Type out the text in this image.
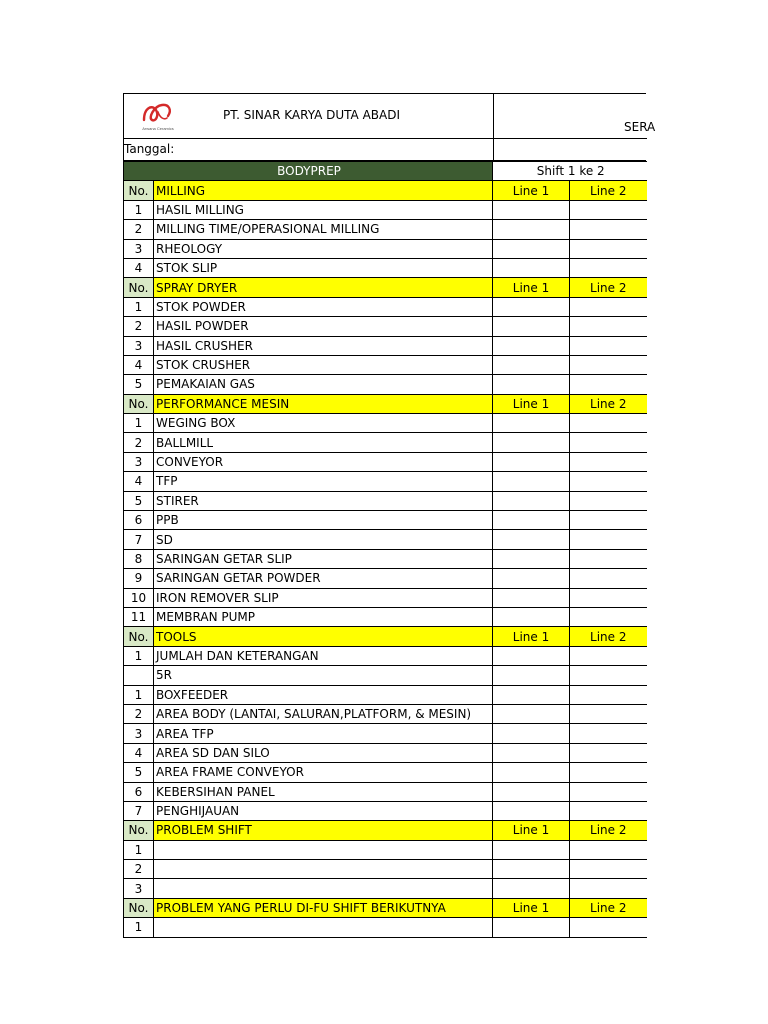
Arwana Ceramics
PT. SINAR KARYA DUTA ABADI
SERA
Tanggal:
BODYPREP		Shift 1 ke 2	
No.	MILLING	Line 1	Line 2
1	HASIL MILLING		
2	MILLING TIME/OPERASIONAL MILLING		
3	RHEOLOGY		
4	STOK SLIP		
No.	SPRAY DRYER	Line 1	Line 2
1	STOK POWDER		
2	HASIL POWDER		
3	HASIL CRUSHER		
4	STOK CRUSHER		
5	PEMAKAIAN GAS		
No.	PERFORMANCE MESIN	Line 1	Line 2
1	WEGING BOX		
2	BALLMILL		
3	CONVEYOR		
4	TFP		
5	STIRER		
6	PPB		
7	SD		
8	SARINGAN GETAR SLIP		
9	SARINGAN GETAR POWDER		
10	IRON REMOVER SLIP		
11	MEMBRAN PUMP		
No.	TOOLS	Line 1	Line 2
1	JUMLAH DAN KETERANGAN		
	5R		
1	BOXFEEDER		
2	AREA BODY (LANTAI, SALURAN,PLATFORM, & MESIN)		
3	AREA TFP		
4	AREA SD DAN SILO		
5	AREA FRAME CONVEYOR		
6	KEBERSIHAN PANEL		
7	PENGHIJAUAN		
No.	PROBLEM SHIFT	Line 1	Line 2
1			
2			
3			
No.	PROBLEM YANG PERLU DI-FU SHIFT BERIKUTNYA	Line 1	Line 2
1			
